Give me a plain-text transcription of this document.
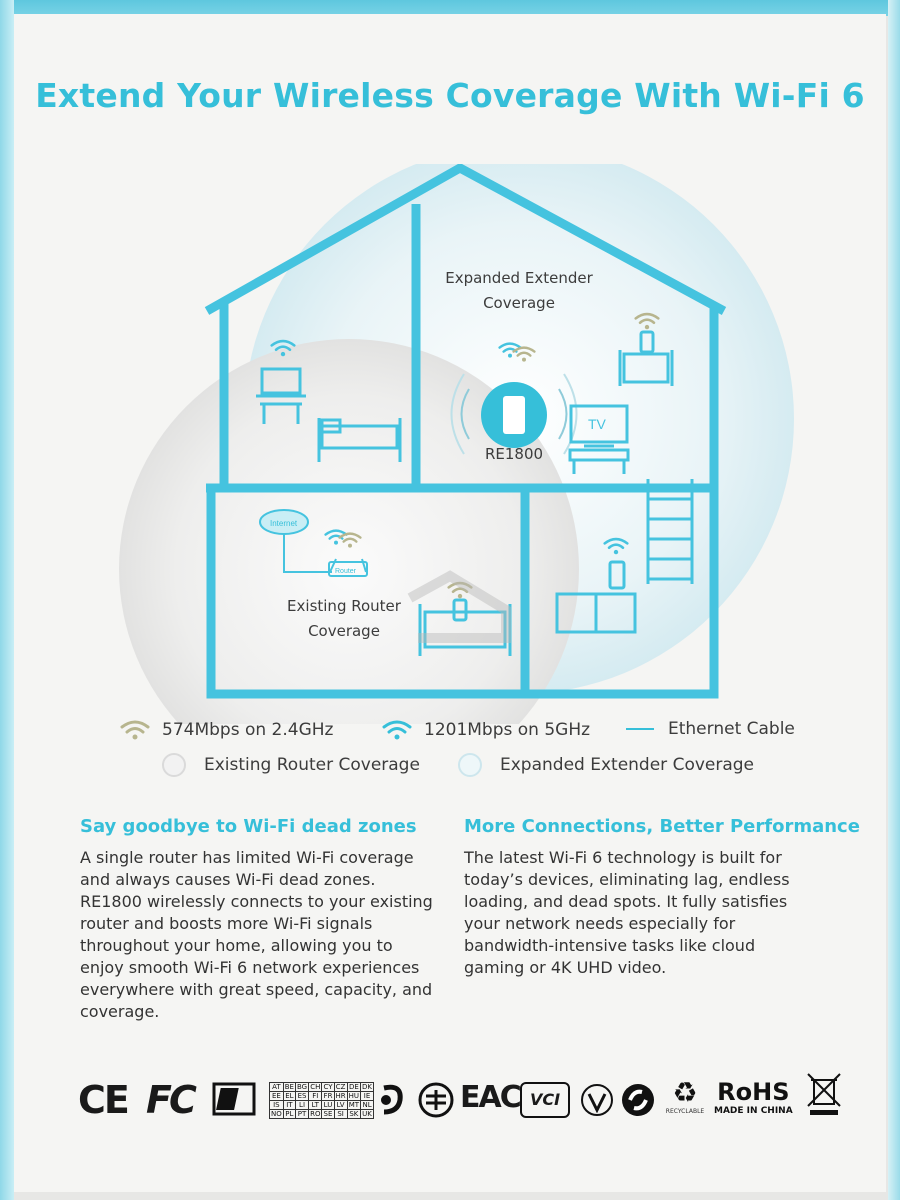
Extend Your Wireless Coverage With Wi-Fi 6
TV
Internet
Router
Expanded Extender
Coverage
RE1800
Existing Router
Coverage
574Mbps on 2.4GHz	1201Mbps on 5GHz	Ethernet Cable
Existing Router Coverage	Expanded Extender Coverage
Say goodbye to Wi-Fi dead zones

A single router has limited Wi-Fi coverage and always causes Wi-Fi dead zones. RE1800 wirelessly connects to your existing router and boosts more Wi-Fi signals throughout your home, allowing you to enjoy smooth Wi-Fi 6 network experiences everywhere with great speed, capacity, and coverage.

More Connections, Better Performance

The latest Wi-Fi 6 technology is built for today’s devices, eliminating lag, endless loading, and dead spots. It fully satisfies your network needs especially for bandwidth-intensive tasks like cloud gaming or 4K UHD video.

CE FC	AT	BE	BG	CH	CY	CZ	DE	DK
EE	EL	ES	FI	FR	HR	HU	IE
IS	IT	LI	LT	LU	LV	MT	NL
NO	PL	PT	RO	SE	SI	SK	UK	EAC VCI	♻
RECYCLABLE
RoHS
MADE IN CHINA
